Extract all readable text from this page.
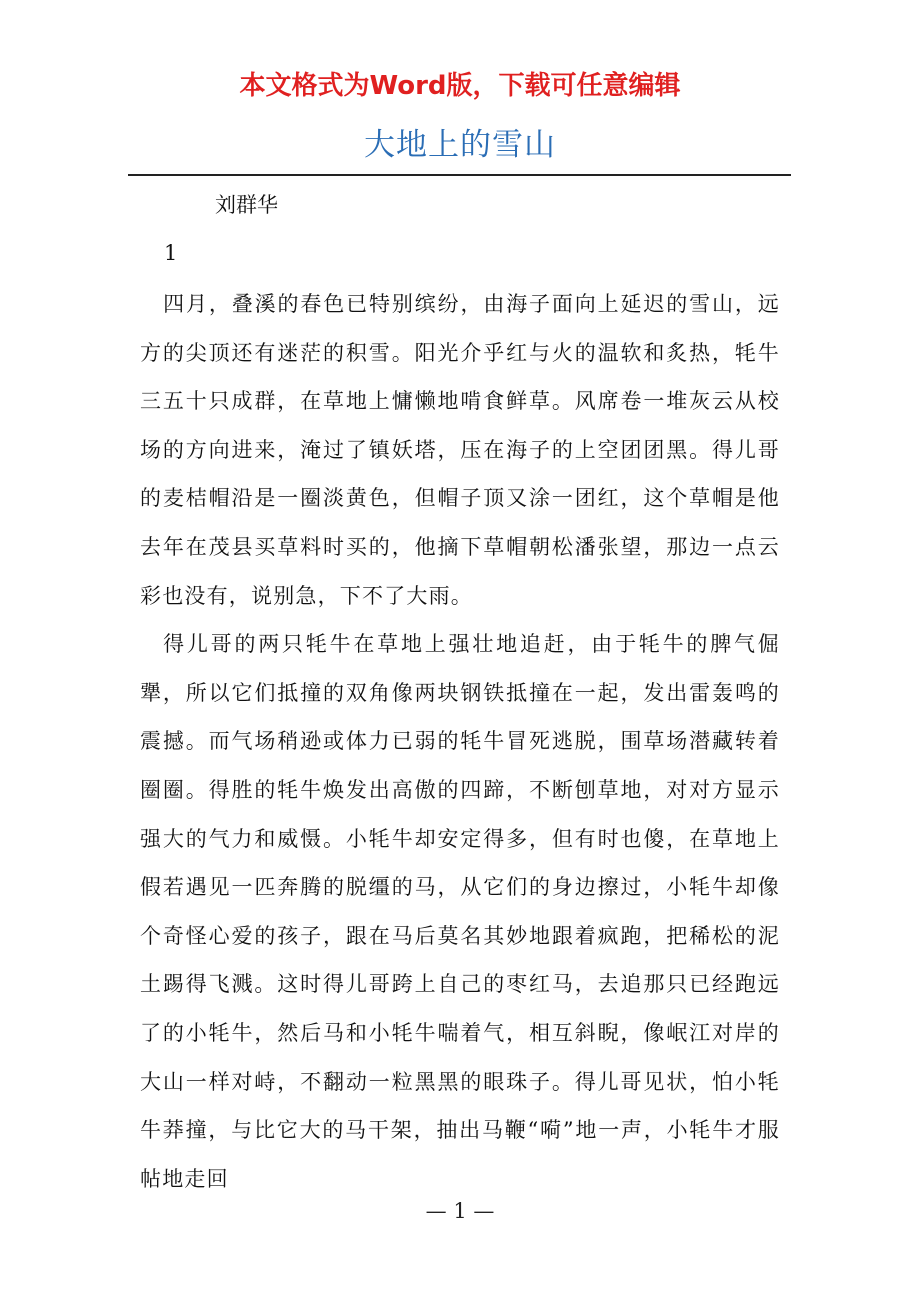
本文格式为Word版，下载可任意编辑
大地上的雪山
刘群华
1

四月，叠溪的春色已特别缤纷，由海子面向上延迟的雪山，远方的尖顶还有迷茫的积雪。阳光介乎红与火的温软和炙热，牦牛三五十只成群，在草地上慵懒地啃食鲜草。风席卷一堆灰云从校场的方向进来，淹过了镇妖塔，压在海子的上空团团黑。得儿哥的麦桔帽沿是一圈淡黄色，但帽子顶又涂一团红，这个草帽是他去年在茂县买草料时买的，他摘下草帽朝松潘张望，那边一点云彩也没有，说别急，下不了大雨。

得儿哥的两只牦牛在草地上强壮地追赶，由于牦牛的脾气倔犟，所以它们抵撞的双角像两块钢铁抵撞在一起，发出雷轰鸣的震撼。而气场稍逊或体力已弱的牦牛冒死逃脱，围草场潜藏转着圈圈。得胜的牦牛焕发出高傲的四蹄，不断刨草地，对对方显示强大的气力和威慑。小牦牛却安定得多，但有时也傻，在草地上假若遇见一匹奔腾的脱缰的马，从它们的身边擦过，小牦牛却像个奇怪心爱的孩子，跟在马后莫名其妙地跟着疯跑，把稀松的泥土踢得飞溅。这时得儿哥跨上自己的枣红马，去追那只已经跑远了的小牦牛，然后马和小牦牛喘着气，相互斜睨，像岷江对岸的大山一样对峙，不翻动一粒黑黑的眼珠子。得儿哥见状，怕小牦牛莽撞，与比它大的马干架，抽出马鞭“嗬”地一声，小牦牛才服帖地走回

— 1 —
